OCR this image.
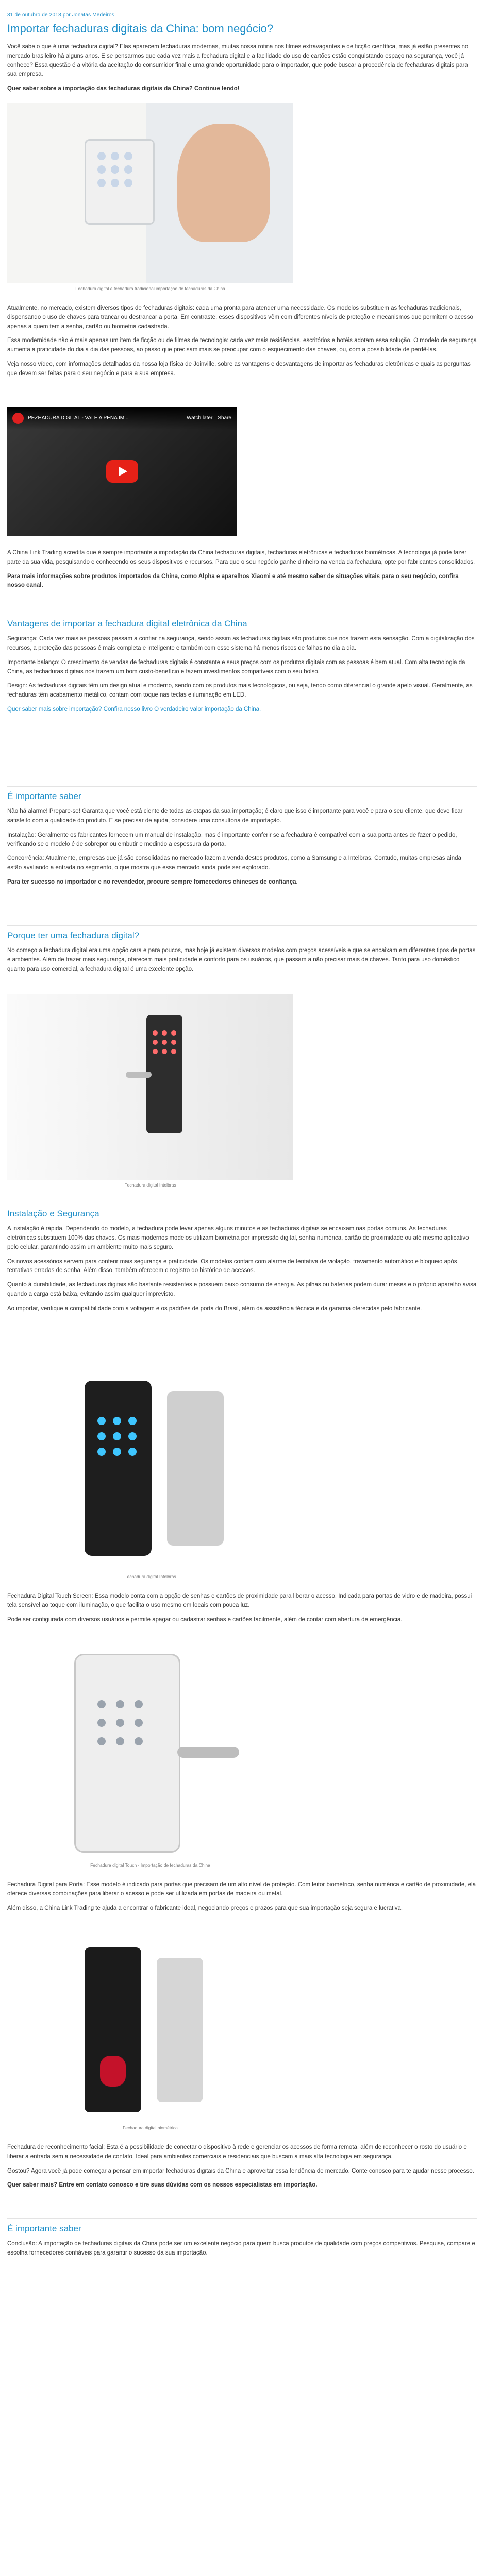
31 de outubro de 2018 por Jonatas Medeiros
Importar fechaduras digitais da China: bom negócio?

Você sabe o que é uma fechadura digital? Elas aparecem fechaduras modernas, muitas nossa rotina nos filmes extravagantes e de ficção científica, mas já estão presentes no mercado brasileiro há alguns anos. E se pensarmos que cada vez mais a fechadura digital e a facilidade do uso de cartões estão conquistando espaço na segurança, você já conhece? Essa questão é a vitória da aceitação do consumidor final e uma grande oportunidade para o importador, que pode buscar a procedência de fechaduras digitais para sua empresa.

Quer saber sobre a importação das fechaduras digitais da China? Continue lendo!

Fechadura digital e fechadura tradicional importação de fechaduras da China

Atualmente, no mercado, existem diversos tipos de fechaduras digitais: cada uma pronta para atender uma necessidade. Os modelos substituem as fechaduras tradicionais, dispensando o uso de chaves para trancar ou destrancar a porta. Em contraste, esses dispositivos vêm com diferentes níveis de proteção e mecanismos que permitem o acesso apenas a quem tem a senha, cartão ou biometria cadastrada.

Essa modernidade não é mais apenas um item de ficção ou de filmes de tecnologia: cada vez mais residências, escritórios e hotéis adotam essa solução. O modelo de segurança aumenta a praticidade do dia a dia das pessoas, ao passo que precisam mais se preocupar com o esquecimento das chaves, ou, com a possibilidade de perdê-las.

Veja nosso vídeo, com informações detalhadas da nossa loja física de Joinville, sobre as vantagens e desvantagens de importar as fechaduras eletrônicas e quais as perguntas que devem ser feitas para o seu negócio e para a sua empresa.

PEZHADURA DIGITAL - VALE A PENA IM...	Watch later Share

A China Link Trading acredita que é sempre importante a importação da China fechaduras digitais, fechaduras eletrônicas e fechaduras biométricas. A tecnologia já pode fazer parte da sua vida, pesquisando e conhecendo os seus dispositivos e recursos. Para que o seu negócio ganhe dinheiro na venda da fechadura, opte por fabricantes consolidados.

Para mais informações sobre produtos importados da China, como Alpha e aparelhos Xiaomi e até mesmo saber de situações vitais para o seu negócio, confira nosso canal.

Vantagens de importar a fechadura digital eletrônica da China

Segurança: Cada vez mais as pessoas passam a confiar na segurança, sendo assim as fechaduras digitais são produtos que nos trazem esta sensação. Com a digitalização dos recursos, a proteção das pessoas é mais completa e inteligente e também com esse sistema há menos riscos de falhas no dia a dia.

Importante balanço: O crescimento de vendas de fechaduras digitais é constante e seus preços com os produtos digitais com as pessoas é bem atual. Com alta tecnologia da China, as fechaduras digitais nos trazem um bom custo-benefício e fazem investimentos compatíveis com o seu bolso.

Design: As fechaduras digitais têm um design atual e moderno, sendo com os produtos mais tecnológicos, ou seja, tendo como diferencial o grande apelo visual. Geralmente, as fechaduras têm acabamento metálico, contam com toque nas teclas e iluminação em LED.

Quer saber mais sobre importação? Confira nosso livro O verdadeiro valor importação da China.

É importante saber

Não há alarme! Prepare-se! Garanta que você está ciente de todas as etapas da sua importação; é claro que isso é importante para você e para o seu cliente, que deve ficar satisfeito com a qualidade do produto. E se precisar de ajuda, considere uma consultoria de importação.

Instalação: Geralmente os fabricantes fornecem um manual de instalação, mas é importante conferir se a fechadura é compatível com a sua porta antes de fazer o pedido, verificando se o modelo é de sobrepor ou embutir e medindo a espessura da porta.

Concorrência: Atualmente, empresas que já são consolidadas no mercado fazem a venda destes produtos, como a Samsung e a Intelbras. Contudo, muitas empresas ainda estão avaliando a entrada no segmento, o que mostra que esse mercado ainda pode ser explorado.

Para ter sucesso no importador e no revendedor, procure sempre fornecedores chineses de confiança.

Porque ter uma fechadura digital?

No começo a fechadura digital era uma opção cara e para poucos, mas hoje já existem diversos modelos com preços acessíveis e que se encaixam em diferentes tipos de portas e ambientes. Além de trazer mais segurança, oferecem mais praticidade e conforto para os usuários, que passam a não precisar mais de chaves. Tanto para uso doméstico quanto para uso comercial, a fechadura digital é uma excelente opção.

Fechadura digital Intelbras
Instalação e Segurança

A instalação é rápida. Dependendo do modelo, a fechadura pode levar apenas alguns minutos e as fechaduras digitais se encaixam nas portas comuns. As fechaduras eletrônicas substituem 100% das chaves. Os mais modernos modelos utilizam biometria por impressão digital, senha numérica, cartão de proximidade ou até mesmo aplicativo pelo celular, garantindo assim um ambiente muito mais seguro.

Os novos acessórios servem para conferir mais segurança e praticidade. Os modelos contam com alarme de tentativa de violação, travamento automático e bloqueio após tentativas erradas de senha. Além disso, também oferecem o registro do histórico de acessos.

Quanto à durabilidade, as fechaduras digitais são bastante resistentes e possuem baixo consumo de energia. As pilhas ou baterias podem durar meses e o próprio aparelho avisa quando a carga está baixa, evitando assim qualquer imprevisto.

Ao importar, verifique a compatibilidade com a voltagem e os padrões de porta do Brasil, além da assistência técnica e da garantia oferecidas pelo fabricante.

Fechadura digital Intelbras

Fechadura Digital Touch Screen: Essa modelo conta com a opção de senhas e cartões de proximidade para liberar o acesso. Indicada para portas de vidro e de madeira, possui tela sensível ao toque com iluminação, o que facilita o uso mesmo em locais com pouca luz.

Pode ser configurada com diversos usuários e permite apagar ou cadastrar senhas e cartões facilmente, além de contar com abertura de emergência.

Fechadura digital Touch - Importação de fechaduras da China

Fechadura Digital para Porta: Esse modelo é indicado para portas que precisam de um alto nível de proteção. Com leitor biométrico, senha numérica e cartão de proximidade, ela oferece diversas combinações para liberar o acesso e pode ser utilizada em portas de madeira ou metal.

Além disso, a China Link Trading te ajuda a encontrar o fabricante ideal, negociando preços e prazos para que sua importação seja segura e lucrativa.

Fechadura digital biométrica

Fechadura de reconhecimento facial: Esta é a possibilidade de conectar o dispositivo à rede e gerenciar os acessos de forma remota, além de reconhecer o rosto do usuário e liberar a entrada sem a necessidade de contato. Ideal para ambientes comerciais e residenciais que buscam a mais alta tecnologia em segurança.

Gostou? Agora você já pode começar a pensar em importar fechaduras digitais da China e aproveitar essa tendência de mercado. Conte conosco para te ajudar nesse processo.

Quer saber mais? Entre em contato conosco e tire suas dúvidas com os nossos especialistas em importação.

É importante saber

Conclusão: A importação de fechaduras digitais da China pode ser um excelente negócio para quem busca produtos de qualidade com preços competitivos. Pesquise, compare e escolha fornecedores confiáveis para garantir o sucesso da sua importação.
